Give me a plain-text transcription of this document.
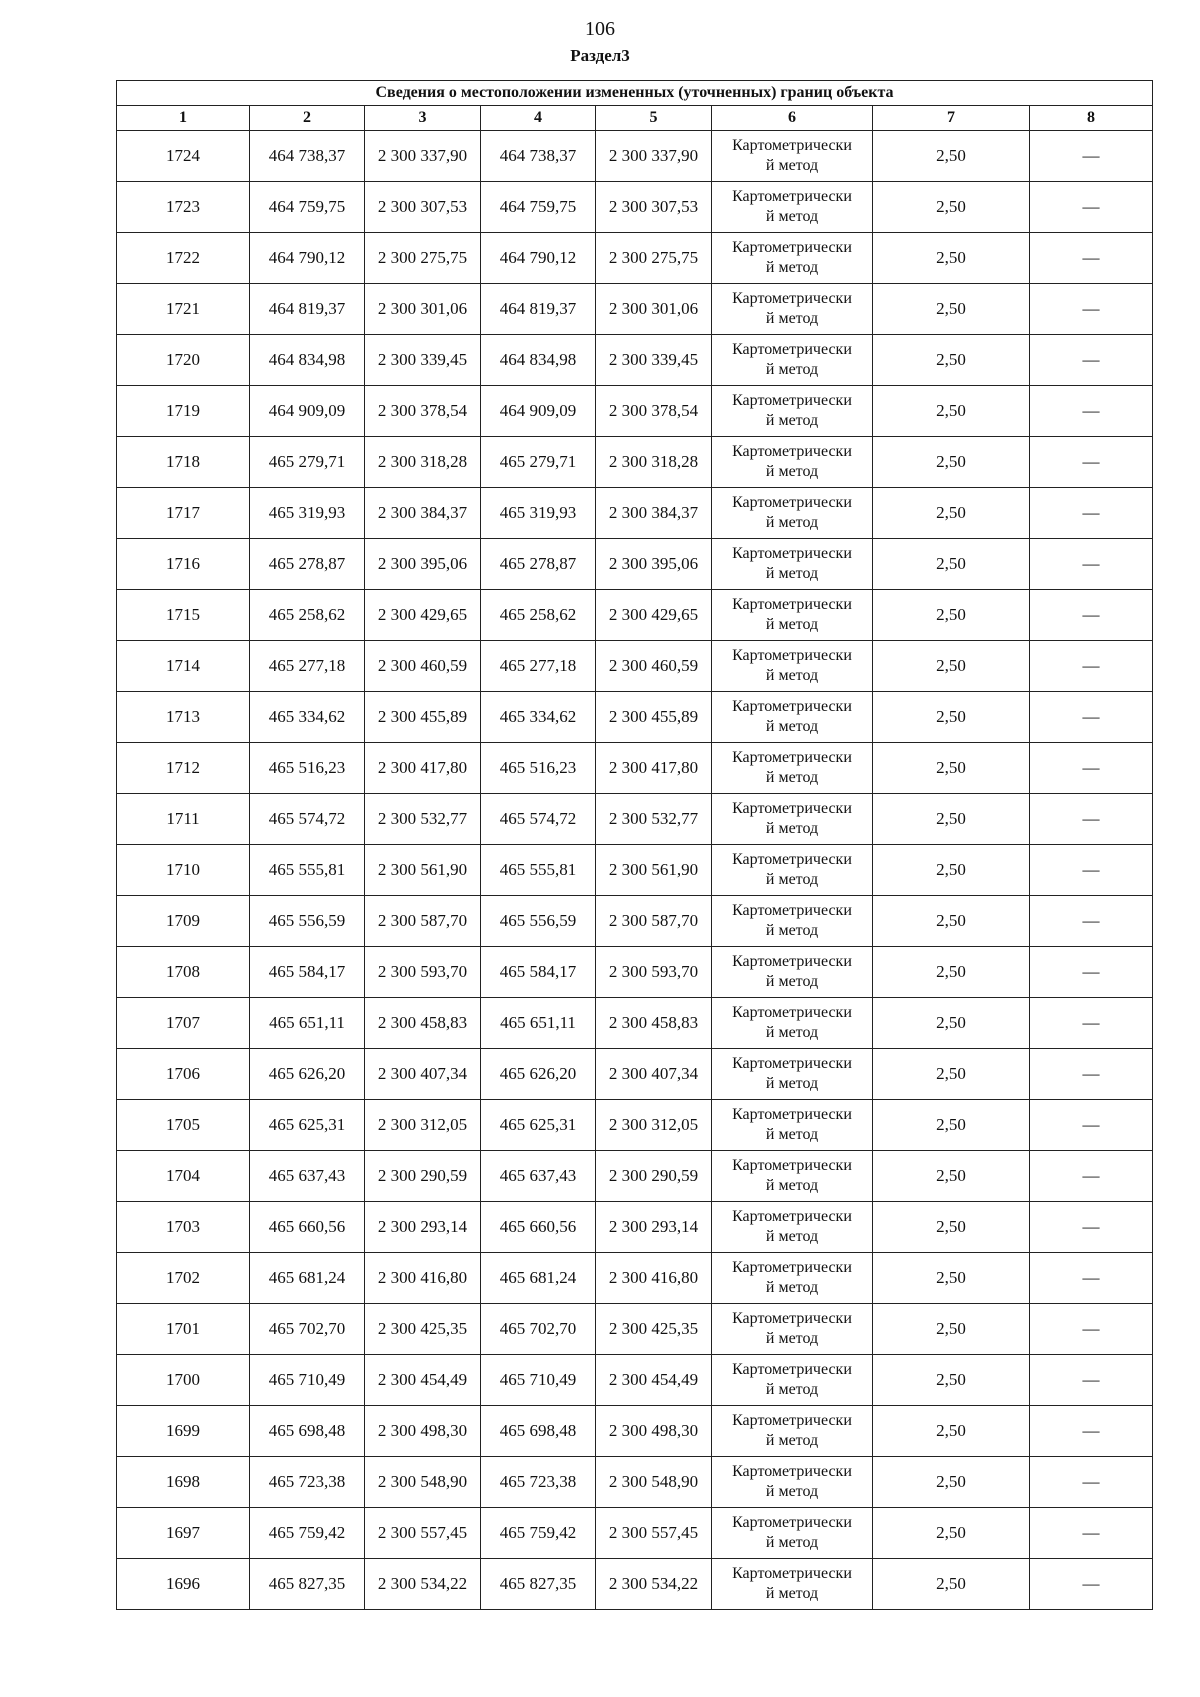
106
Раздел3
Сведения о местоположении измененных (уточненных) границ объекта							
1	2	3	4	5	6	7	8
1724	464 738,37	2 300 337,90	464 738,37	2 300 337,90	Картометрически
й метод	2,50	—
1723	464 759,75	2 300 307,53	464 759,75	2 300 307,53	Картометрически
й метод	2,50	—
1722	464 790,12	2 300 275,75	464 790,12	2 300 275,75	Картометрически
й метод	2,50	—
1721	464 819,37	2 300 301,06	464 819,37	2 300 301,06	Картометрически
й метод	2,50	—
1720	464 834,98	2 300 339,45	464 834,98	2 300 339,45	Картометрически
й метод	2,50	—
1719	464 909,09	2 300 378,54	464 909,09	2 300 378,54	Картометрически
й метод	2,50	—
1718	465 279,71	2 300 318,28	465 279,71	2 300 318,28	Картометрически
й метод	2,50	—
1717	465 319,93	2 300 384,37	465 319,93	2 300 384,37	Картометрически
й метод	2,50	—
1716	465 278,87	2 300 395,06	465 278,87	2 300 395,06	Картометрически
й метод	2,50	—
1715	465 258,62	2 300 429,65	465 258,62	2 300 429,65	Картометрически
й метод	2,50	—
1714	465 277,18	2 300 460,59	465 277,18	2 300 460,59	Картометрически
й метод	2,50	—
1713	465 334,62	2 300 455,89	465 334,62	2 300 455,89	Картометрически
й метод	2,50	—
1712	465 516,23	2 300 417,80	465 516,23	2 300 417,80	Картометрически
й метод	2,50	—
1711	465 574,72	2 300 532,77	465 574,72	2 300 532,77	Картометрически
й метод	2,50	—
1710	465 555,81	2 300 561,90	465 555,81	2 300 561,90	Картометрически
й метод	2,50	—
1709	465 556,59	2 300 587,70	465 556,59	2 300 587,70	Картометрически
й метод	2,50	—
1708	465 584,17	2 300 593,70	465 584,17	2 300 593,70	Картометрически
й метод	2,50	—
1707	465 651,11	2 300 458,83	465 651,11	2 300 458,83	Картометрически
й метод	2,50	—
1706	465 626,20	2 300 407,34	465 626,20	2 300 407,34	Картометрически
й метод	2,50	—
1705	465 625,31	2 300 312,05	465 625,31	2 300 312,05	Картометрически
й метод	2,50	—
1704	465 637,43	2 300 290,59	465 637,43	2 300 290,59	Картометрически
й метод	2,50	—
1703	465 660,56	2 300 293,14	465 660,56	2 300 293,14	Картометрически
й метод	2,50	—
1702	465 681,24	2 300 416,80	465 681,24	2 300 416,80	Картометрически
й метод	2,50	—
1701	465 702,70	2 300 425,35	465 702,70	2 300 425,35	Картометрически
й метод	2,50	—
1700	465 710,49	2 300 454,49	465 710,49	2 300 454,49	Картометрически
й метод	2,50	—
1699	465 698,48	2 300 498,30	465 698,48	2 300 498,30	Картометрически
й метод	2,50	—
1698	465 723,38	2 300 548,90	465 723,38	2 300 548,90	Картометрически
й метод	2,50	—
1697	465 759,42	2 300 557,45	465 759,42	2 300 557,45	Картометрически
й метод	2,50	—
1696	465 827,35	2 300 534,22	465 827,35	2 300 534,22	Картометрически
й метод	2,50	—
